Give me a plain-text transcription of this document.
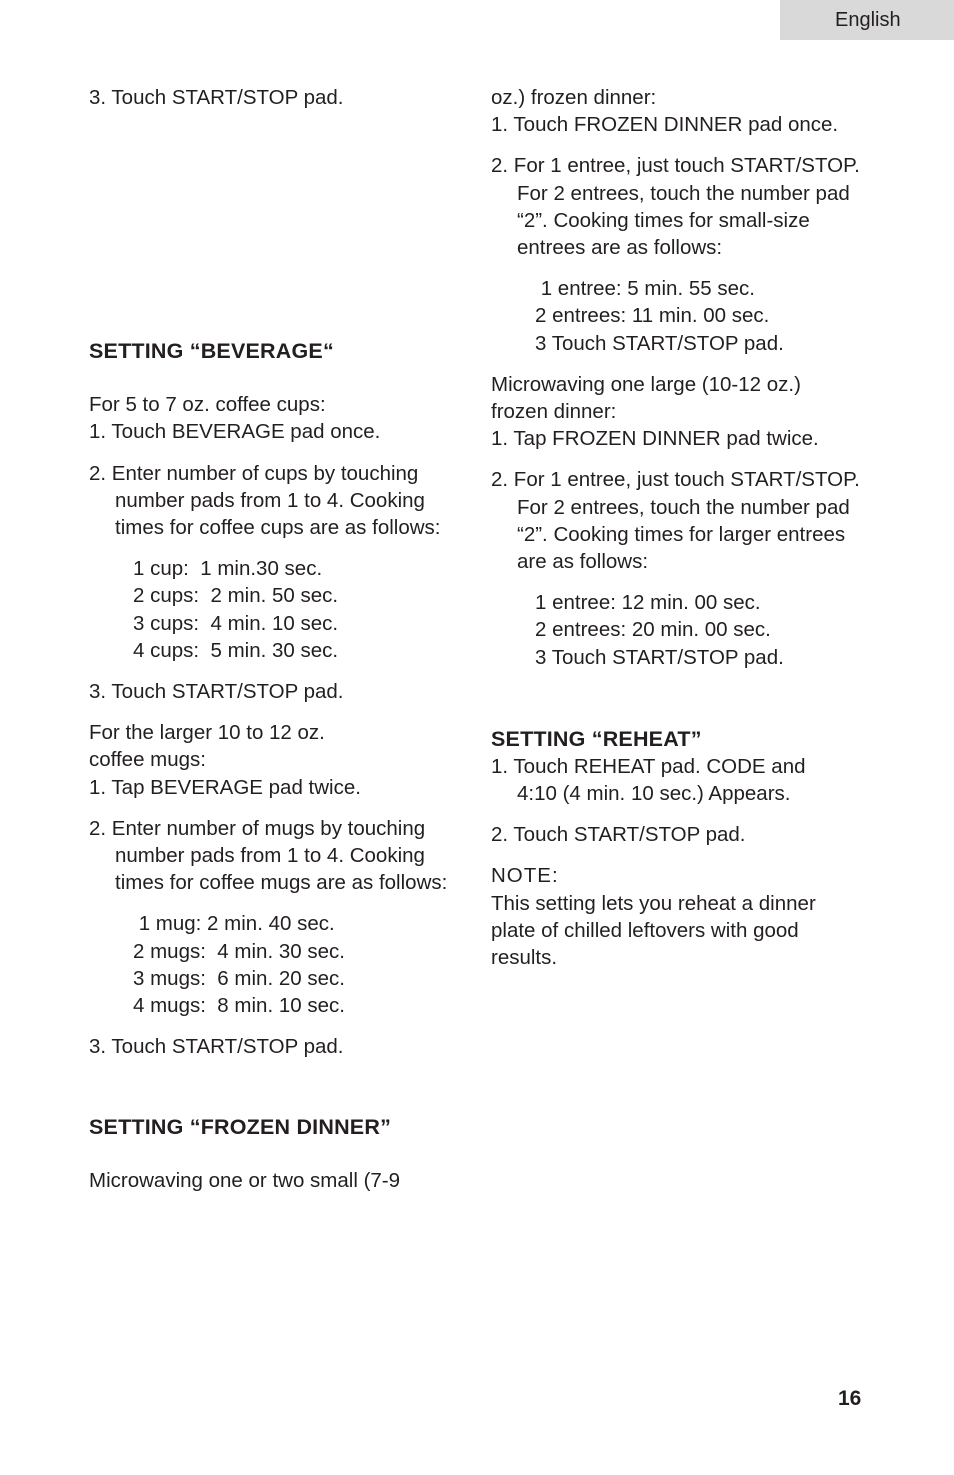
English
3. Touch START/STOP pad.
SETTING “BEVERAGE“
For 5 to 7 oz. coffee cups:
1. Touch BEVERAGE pad once.
2. Enter number of cups by touching number pads from 1 to 4. Cooking times for coffee cups are as follows:
1 cup:  1 min.30 sec.
2 cups:  2 min. 50 sec.
3 cups:  4 min. 10 sec.
4 cups:  5 min. 30 sec.
3. Touch START/STOP pad.
For the larger 10 to 12 oz.
coffee mugs:
1. Tap BEVERAGE pad twice.
2. Enter number of mugs by touching number pads from 1 to 4. Cooking times for coffee mugs are as follows:
1 mug: 2 min. 40 sec.
2 mugs:  4 min. 30 sec.
3 mugs:  6 min. 20 sec.
4 mugs:  8 min. 10 sec.
3. Touch START/STOP pad.
SETTING “FROZEN DINNER”
Microwaving one or two small (7-9
oz.) frozen dinner:
1. Touch FROZEN DINNER pad once.
2. For 1 entree, just touch START/STOP. For 2 entrees, touch the number pad “2”. Cooking times for small-size entrees are as follows:
1 entree: 5 min. 55 sec.
2 entrees: 11 min. 00 sec.
3 Touch START/STOP pad.
Microwaving one large (10-12 oz.)
frozen dinner:
1. Tap FROZEN DINNER pad twice.
2. For 1 entree, just touch START/STOP. For 2 entrees, touch the number pad “2”. Cooking times for larger entrees are as follows:
1 entree: 12 min. 00 sec.
2 entrees: 20 min. 00 sec.
3 Touch START/STOP pad.
SETTING “REHEAT”
1. Touch REHEAT pad. CODE and 4:10 (4 min. 10 sec.) Appears.
2. Touch START/STOP pad.
NOTE:
This setting lets you reheat a dinner plate of chilled leftovers with good results.
16
